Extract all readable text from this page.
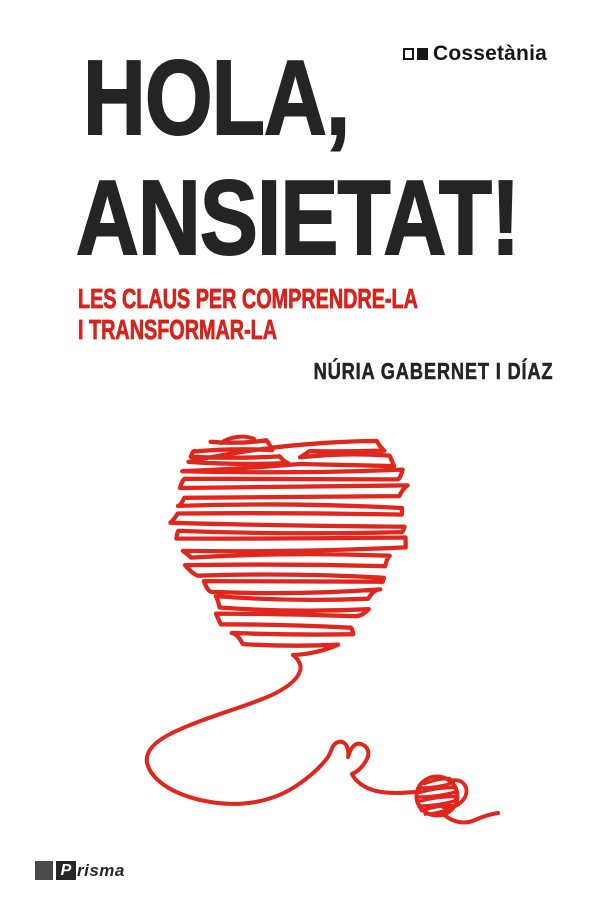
Cossetània
HOLA,
ANSIETAT!
LES CLAUS PER COMPRENDRE-LA
I TRANSFORMAR-LA
NÚRIA GABERNET I DÍAZ
P risma
